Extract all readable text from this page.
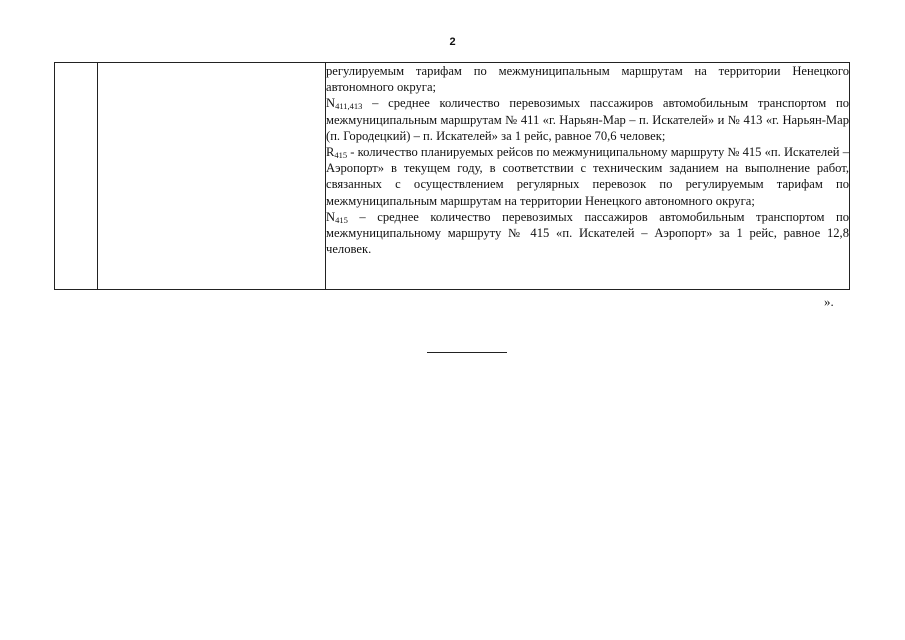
2

регулируемым тарифам по межмуниципальным маршрутам на территории Ненецкого автономного округа;

$N_{411,413}$ – среднее количество перевозимых пассажиров автомобильным транспортом по межмуниципальным маршрутам № 411 «г. Нарьян-Мар – п. Искателей» и № 413 «г. Нарьян-Мар (п. Городецкий) – п. Искателей» за 1 рейс, равное 70,6 человек;

$R_{415}$ - количество планируемых рейсов по межмуниципальному маршруту № 415 «п. Искателей – Аэропорт» в текущем году, в соответствии с техническим заданием на выполнение работ, связанных с осуществлением регулярных перевозок по регулируемым тарифам по межмуниципальным маршрутам на территории Ненецкого автономного округа;

$N_{415}$ – среднее количество перевозимых пассажиров автомобильным транспортом по межмуниципальному маршруту № 415 «п. Искателей – Аэропорт» за 1 рейс, равное 12,8 человек.

».
